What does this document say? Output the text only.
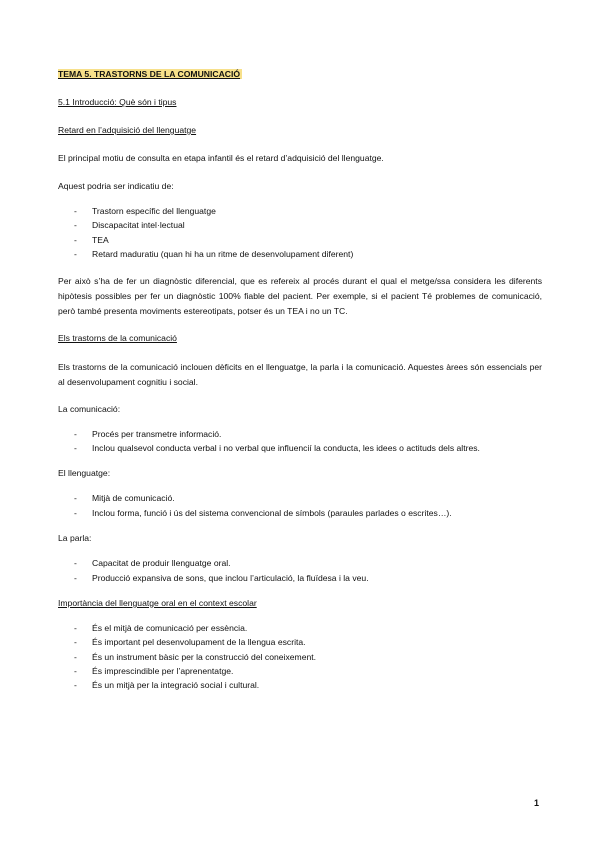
TEMA 5. TRASTORNS DE LA COMUNICACIÓ

5.1 Introducció: Què són i tipus

Retard en l’adquisició del llenguatge

El principal motiu de consulta en etapa infantil és el retard d’adquisició del llenguatge.

Aquest podria ser indicatiu de:

- Trastorn específic del llenguatge
- Discapacitat intel·lectual
- TEA
- Retard maduratiu (quan hi ha un ritme de desenvolupament diferent)

Per això s’ha de fer un diagnòstic diferencial, que es refereix al procés durant el qual el metge/ssa considera les diferents hipòtesis possibles per fer un diagnòstic 100% fiable del pacient. Per exemple, si el pacient Té problemes de comunicació, però també presenta moviments estereotipats, potser és un TEA i no un TC.

Els trastorns de la comunicació

Els trastorns de la comunicació inclouen dèficits en el llenguatge, la parla i la comunicació. Aquestes àrees són essencials per al desenvolupament cognitiu i social.

La comunicació:

- Procés per transmetre informació.
- Inclou qualsevol conducta verbal i no verbal que influencií la conducta, les idees o actituds dels altres.

El llenguatge:

- Mitjà de comunicació.
- Inclou forma, funció i ús del sistema convencional de símbols (paraules parlades o escrites…).

La parla:

- Capacitat de produir llenguatge oral.
- Producció expansiva de sons, que inclou l’articulació, la fluïdesa i la veu.

Importància del llenguatge oral en el context escolar

- És el mitjà de comunicació per essència.
- És important pel desenvolupament de la llengua escrita.
- És un instrument bàsic per la construcció del coneixement.
- És imprescindible per l’aprenentatge.
- És un mitjà per la integració social i cultural.
1
